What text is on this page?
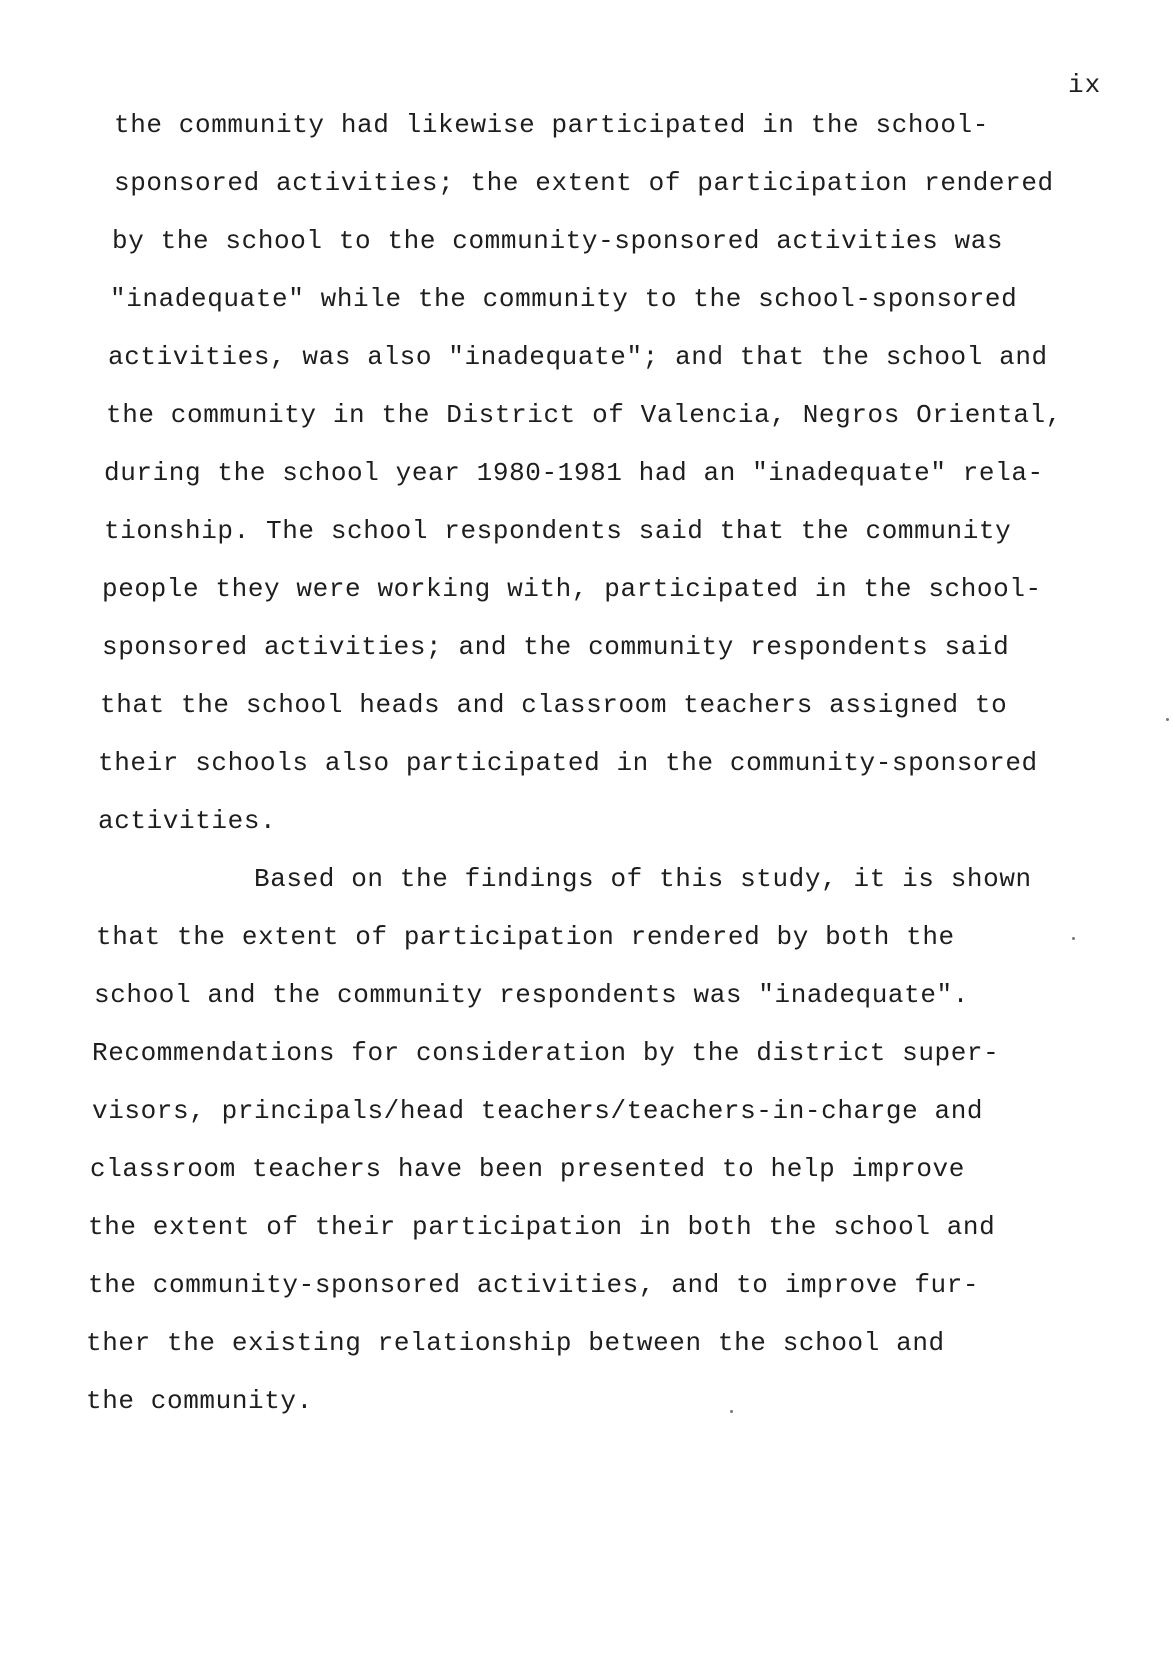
ix
the community had likewise participated in the school-
sponsored activities; the extent of participation rendered
by the school to the community-sponsored activities was
"inadequate" while the community to the school-sponsored
activities, was also "inadequate"; and that the school and
the community in the District of Valencia, Negros Oriental,
during the school year 1980-1981 had an "inadequate" rela-
tionship. The school respondents said that the community
people they were working with, participated in the school-
sponsored activities; and the community respondents said
that the school heads and classroom teachers assigned to
their schools also participated in the community-sponsored
activities.
Based on the findings of this study, it is shown
that the extent of participation rendered by both the
school and the community respondents was "inadequate".
Recommendations for consideration by the district super-
visors, principals/head teachers/teachers-in-charge and
classroom teachers have been presented to help improve
the extent of their participation in both the school and
the community-sponsored activities, and to improve fur-
ther the existing relationship between the school and
the community.
